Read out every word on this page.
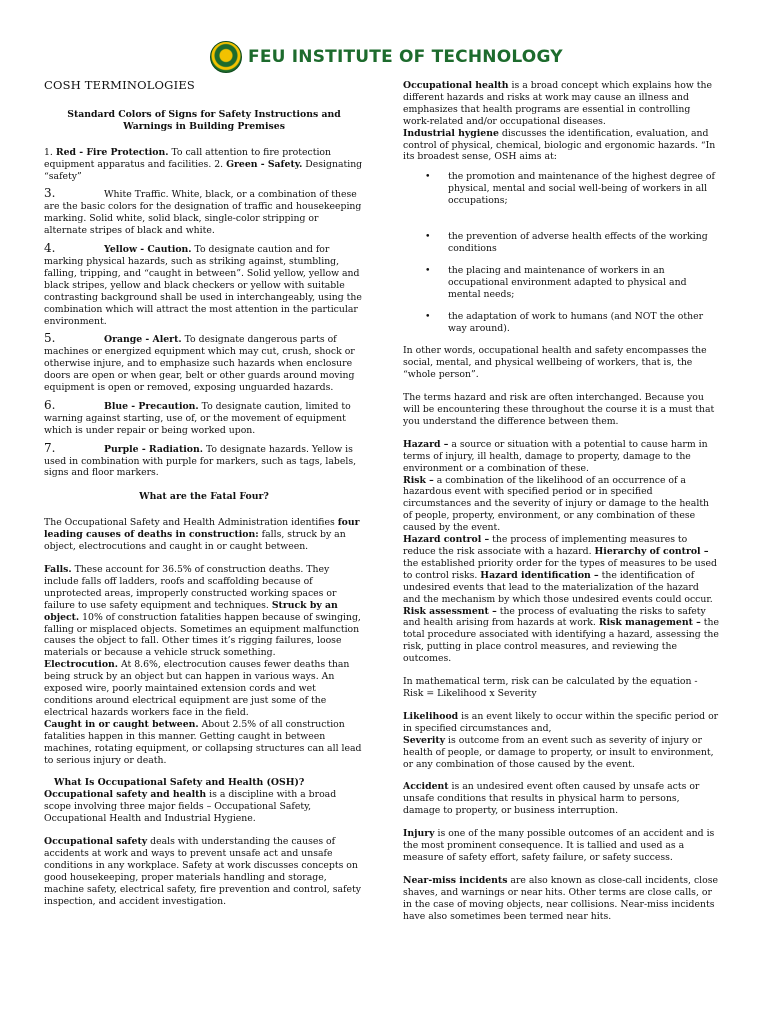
FEU INSTITUTE OF TECHNOLOGY

COSH TERMINOLOGIES

Standard Colors of Signs for Safety Instructions and Warnings in Building Premises

1. Red - Fire Protection. To call attention to fire protection equipment apparatus and facilities. 2. Green - Safety. Designating “safety”

3.	White Traffic. White, black, or a combination of these are the basic colors for the designation of traffic and housekeeping marking. Solid white, solid black, single-color stripping or alternate stripes of black and white.

4.	Yellow - Caution. To designate caution and for marking physical hazards, such as striking against, stumbling, falling, tripping, and “caught in between”. Solid yellow, yellow and black stripes, yellow and black checkers or yellow with suitable contrasting background shall be used in interchangeably, using the combination which will attract the most attention in the particular environment.

5.	Orange - Alert. To designate dangerous parts of machines or energized equipment which may cut, crush, shock or otherwise injure, and to emphasize such hazards when enclosure doors are open or when gear, belt or other guards around moving equipment is open or removed, exposing unguarded hazards.

6.	Blue - Precaution. To designate caution, limited to warning against starting, use of, or the movement of equipment which is under repair or being worked upon.

7.	Purple - Radiation. To designate hazards. Yellow is used in combination with purple for markers, such as tags, labels, signs and floor markers.

What are the Fatal Four?

The Occupational Safety and Health Administration identifies four leading causes of deaths in construction: falls, struck by an object, electrocutions and caught in or caught between.

Falls. These account for 36.5% of construction deaths. They include falls off ladders, roofs and scaffolding because of unprotected areas, improperly constructed working spaces or failure to use safety equipment and techniques. Struck by an object. 10% of construction fatalities happen because of swinging, falling or misplaced objects. Sometimes an equipment malfunction causes the object to fall. Other times it’s rigging failures, loose materials or because a vehicle struck something.

Electrocution. At 8.6%, electrocution causes fewer deaths than being struck by an object but can happen in various ways. An exposed wire, poorly maintained extension cords and wet conditions around electrical equipment are just some of the electrical hazards workers face in the field.

Caught in or caught between. About 2.5% of all construction fatalities happen in this manner. Getting caught in between machines, rotating equipment, or collapsing structures can all lead to serious injury or death.

What Is Occupational Safety and Health (OSH)?

Occupational safety and health is a discipline with a broad scope involving three major fields – Occupational Safety, Occupational Health and Industrial Hygiene.

Occupational safety deals with understanding the causes of accidents at work and ways to prevent unsafe act and unsafe conditions in any workplace. Safety at work discusses concepts on good housekeeping, proper materials handling and storage, machine safety, electrical safety, fire prevention and control, safety inspection, and accident investigation.

Occupational health is a broad concept which explains how the different hazards and risks at work may cause an illness and emphasizes that health programs are essential in controlling work-related and/or occupational diseases.

Industrial hygiene discusses the identification, evaluation, and control of physical, chemical, biologic and ergonomic hazards. “In its broadest sense, OSH aims at:

• the promotion and maintenance of the highest degree of physical, mental and social well-being of workers in all occupations;
• the prevention of adverse health effects of the working conditions
• the placing and maintenance of workers in an occupational environment adapted to physical and mental needs;
• the adaptation of work to humans (and NOT the other way around).

In other words, occupational health and safety encompasses the social, mental, and physical wellbeing of workers, that is, the “whole person”.

The terms hazard and risk are often interchanged. Because you will be encountering these throughout the course it is a must that you understand the difference between them.

Hazard – a source or situation with a potential to cause harm in terms of injury, ill health, damage to property, damage to the environment or a combination of these.

Risk – a combination of the likelihood of an occurrence of a hazardous event with specified period or in specified circumstances and the severity of injury or damage to the health of people, property, environment, or any combination of these caused by the event.

Hazard control – the process of implementing measures to reduce the risk associate with a hazard. Hierarchy of control – the established priority order for the types of measures to be used to control risks. Hazard identification – the identification of undesired events that lead to the materialization of the hazard and the mechanism by which those undesired events could occur.

Risk assessment – the process of evaluating the risks to safety and health arising from hazards at work. Risk management – the total procedure associated with identifying a hazard, assessing the risk, putting in place control measures, and reviewing the outcomes.

In mathematical term, risk can be calculated by the equation -

Risk = Likelihood x Severity

Likelihood is an event likely to occur within the specific period or in specified circumstances and,

Severity is outcome from an event such as severity of injury or health of people, or damage to property, or insult to environment, or any combination of those caused by the event.

Accident is an undesired event often caused by unsafe acts or unsafe conditions that results in physical harm to persons, damage to property, or business interruption.

Injury is one of the many possible outcomes of an accident and is the most prominent consequence. It is tallied and used as a measure of safety effort, safety failure, or safety success.

Near-miss incidents are also known as close-call incidents, close shaves, and warnings or near hits. Other terms are close calls, or in the case of moving objects, near collisions. Near-miss incidents have also sometimes been termed near hits.
